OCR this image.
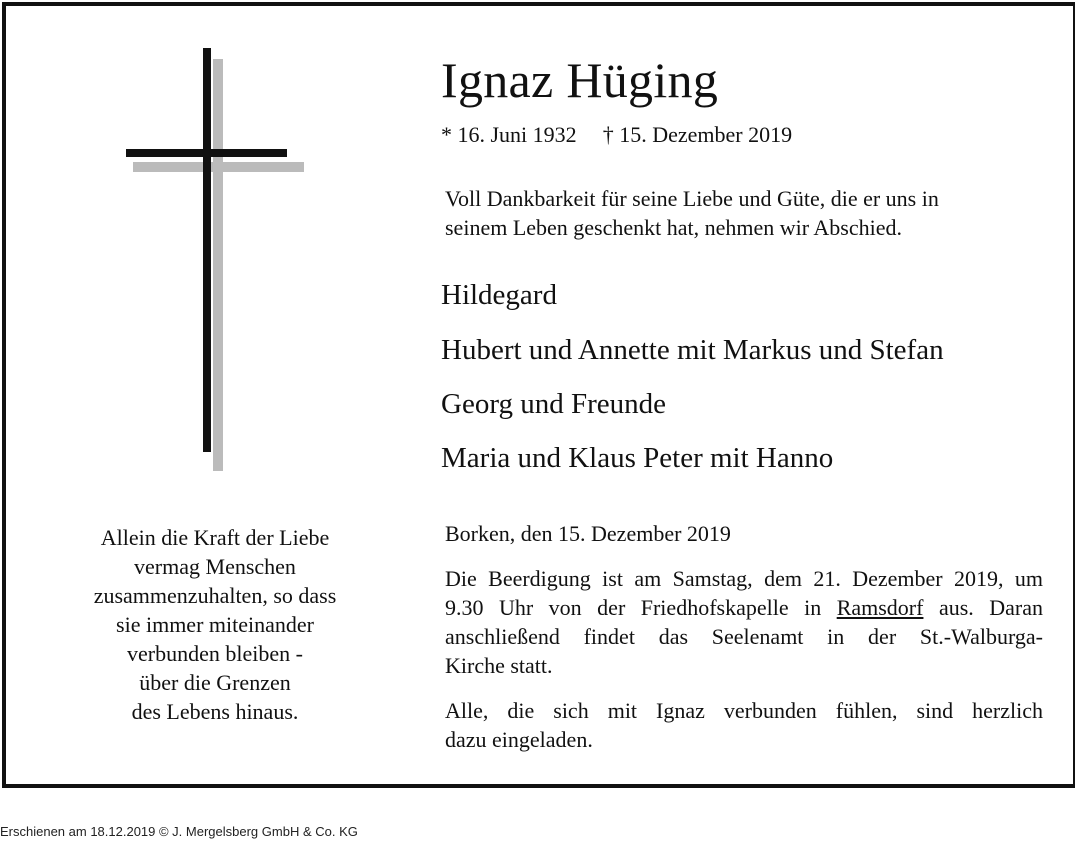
Ignaz Hüging
* 16. Juni 1932 † 15. Dezember 2019
Voll Dankbarkeit für seine Liebe und Güte, die er uns in
seinem Leben geschenkt hat, nehmen wir Abschied.
Hildegard
Hubert und Annette mit Markus und Stefan
Georg und Freunde
Maria und Klaus Peter mit Hanno
Allein die Kraft der Liebe
vermag Menschen
zusammenzuhalten, so dass
sie immer miteinander
verbunden bleiben -
über die Grenzen
des Lebens hinaus.
Borken, den 15. Dezember 2019
Die Beerdigung ist am Samstag, dem 21. Dezember 2019, um
9.30 Uhr von der Friedhofskapelle in Ramsdorf aus. Daran
anschließend findet das Seelenamt in der St.-Walburga-
Kirche statt.
Alle, die sich mit Ignaz verbunden fühlen, sind herzlich
dazu eingeladen.
Erschienen am 18.12.2019 © J. Mergelsberg GmbH & Co. KG
